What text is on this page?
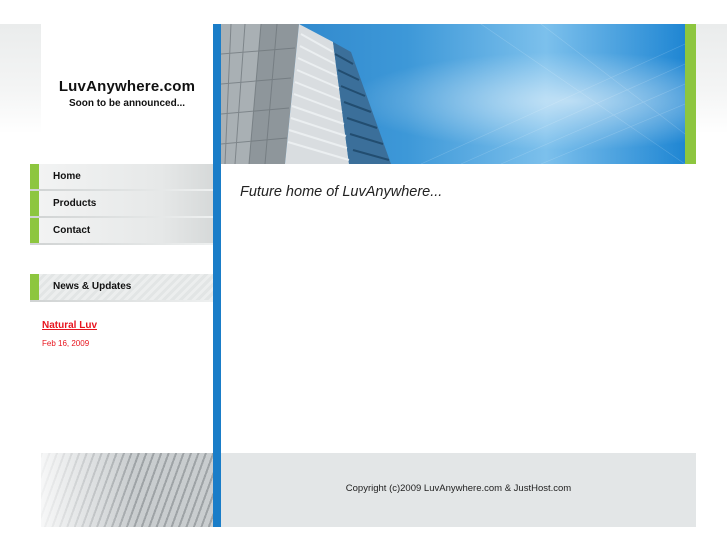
LuvAnywhere.com
Soon to be announced...
Home
Products
Contact
News & Updates
Natural Luv
Feb 16, 2009
Future home of LuvAnywhere...
Copyright (c)2009 LuvAnywhere.com & JustHost.com
